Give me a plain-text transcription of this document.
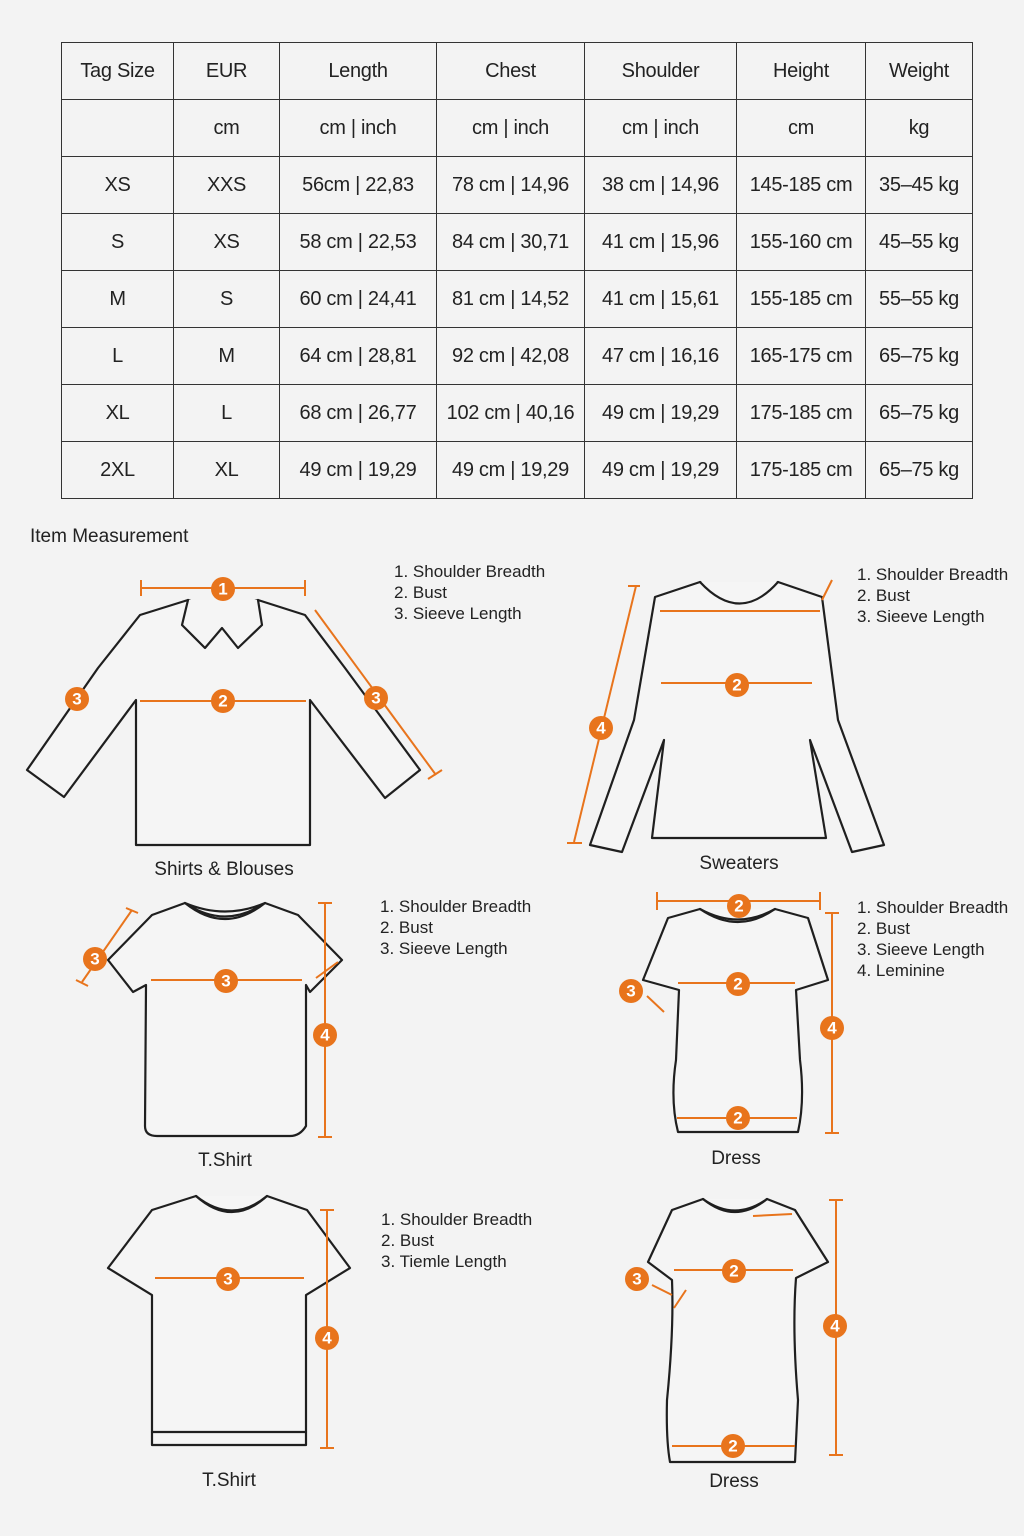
Tag Size	EUR	Length	Chest	Shoulder	Height	Weight
	cm	cm | inch	cm | inch	cm | inch	cm	kg
XS	XXS	56cm | 22,83	78 cm | 14,96	38 cm | 14,96	145-185 cm	35–45 kg
S	XS	58 cm | 22,53	84 cm | 30,71	41 cm | 15,96	155-160 cm	45–55 kg
M	S	60 cm | 24,41	81 cm | 14,52	41 cm | 15,61	155-185 cm	55–55 kg
L	M	64 cm | 28,81	92 cm | 42,08	47 cm | 16,16	165-175 cm	65–75 kg
XL	L	68 cm | 26,77	102 cm | 40,16	49 cm | 19,29	175-185 cm	65–75 kg
2XL	XL	49 cm | 19,29	49 cm | 19,29	49 cm | 19,29	175-185 cm	65–75 kg
Item Measurement
1. Shoulder Breadth
2. Bust
3. Sieeve Length
1. Shoulder Breadth
2. Bust
3. Sieeve Length
1. Shoulder Breadth
2. Bust
3. Sieeve Length
1. Shoulder Breadth
2. Bust
3. Sieeve Length
4. Leminine
1. Shoulder Breadth
2. Bust
3. Tiemle Length
Shirts & Blouses	Sweaters
T.Shirt	Dress
T.Shirt	Dress
1
2
3	3
2
4
3
3
4
2
2
3
2
4
3
4
2
3
2
4
